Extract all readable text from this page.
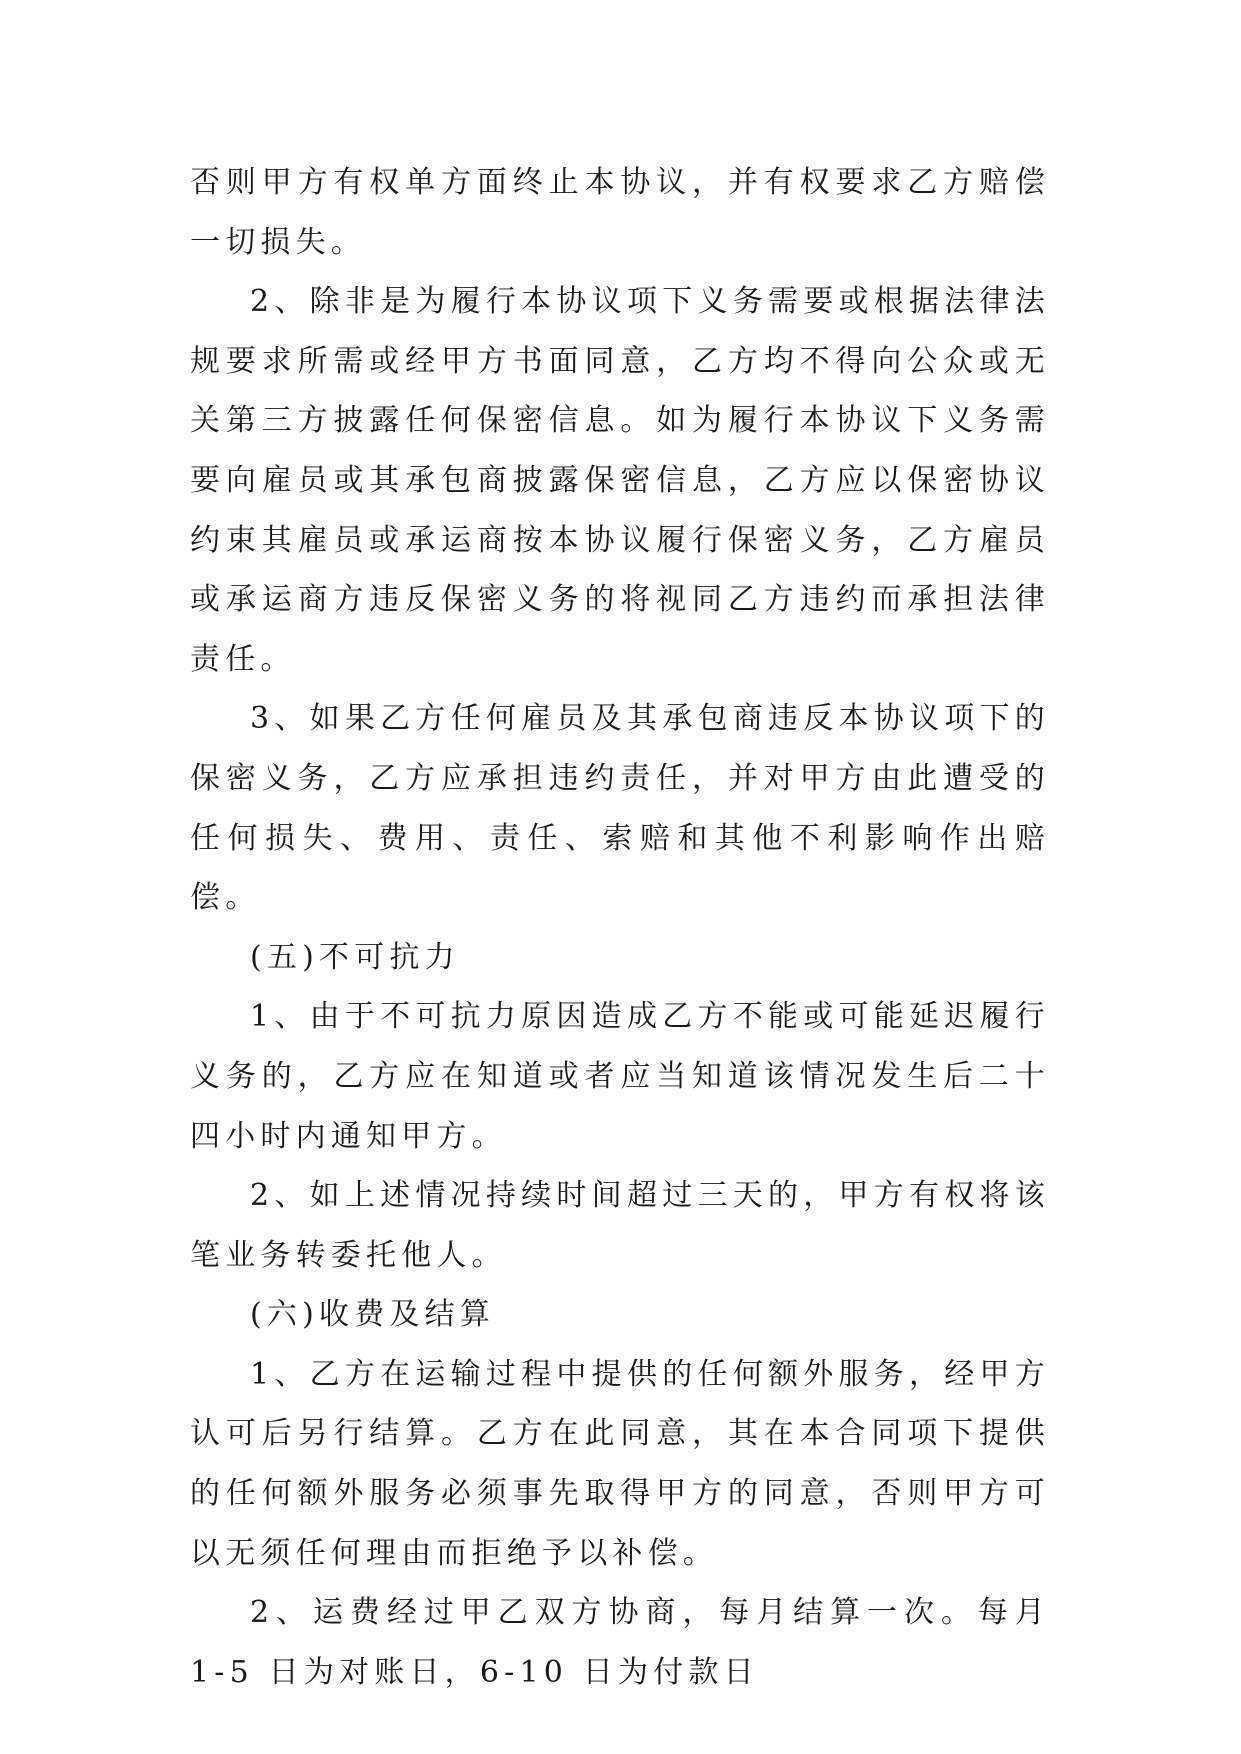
否则甲方有权单方面终止本协议，并有权要求乙方赔偿一切损失。

2、除非是为履行本协议项下义务需要或根据法律法规要求所需或经甲方书面同意，乙方均不得向公众或无关第三方披露任何保密信息。如为履行本协议下义务需要向雇员或其承包商披露保密信息，乙方应以保密协议约束其雇员或承运商按本协议履行保密义务，乙方雇员或承运商方违反保密义务的将视同乙方违约而承担法律责任。

3、如果乙方任何雇员及其承包商违反本协议项下的保密义务，乙方应承担违约责任，并对甲方由此遭受的任何损失、费用、责任、索赔和其他不利影响作出赔偿。

(五)不可抗力

1、由于不可抗力原因造成乙方不能或可能延迟履行义务的，乙方应在知道或者应当知道该情况发生后二十四小时内通知甲方。

2、如上述情况持续时间超过三天的，甲方有权将该笔业务转委托他人。

(六)收费及结算

1、乙方在运输过程中提供的任何额外服务，经甲方认可后另行结算。乙方在此同意，其在本合同项下提供的任何额外服务必须事先取得甲方的同意，否则甲方可以无须任何理由而拒绝予以补偿。

2、运费经过甲乙双方协商，每月结算一次。每月 1-5 日为对账日，6-10 日为付款日
